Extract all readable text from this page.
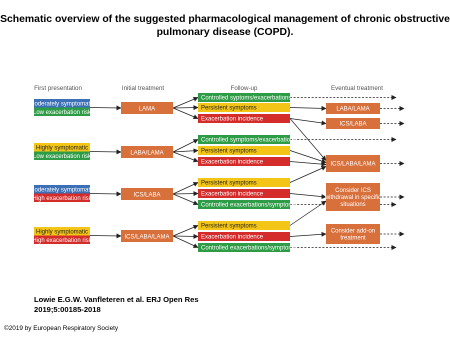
Schematic overview of the suggested pharmacological management of chronic obstructive
pulmonary disease (COPD).
Moderately symptomatic
Low exacerbation risk
Highly symptomatic
Low exacerbation risk
Moderately symptomatic
High exacerbation risk
Highly symptomatic
High exacerbation risk
LAMA
LABA/LAMA
ICS/LABA
ICS/LABA/LAMA
Controlled syptoms/exacerbations
Persistent symptoms
Exacerbation incidence
Controlled symptoms/exacerbations
Persistent symptoms
Exacerbation incidence
Persistent symptoms
Exacerbation incidence
Controlled exacerbations/symptoms
Persistent symptoms
Exacerbation incidence
Controlled exacerbations/symptoms
LABA/LAMA
ICS/LABA
ICS/LABA/LAMA
Consider ICS
withdrawal in specific
situations
Consider add-on
treatment
First presentation	Initial treatment	Follow-up	Eventual treatment
Lowie E.G.W. Vanfleteren et al. ERJ Open Res
2019;5:00185-2018
©2019 by European Respiratory Society
